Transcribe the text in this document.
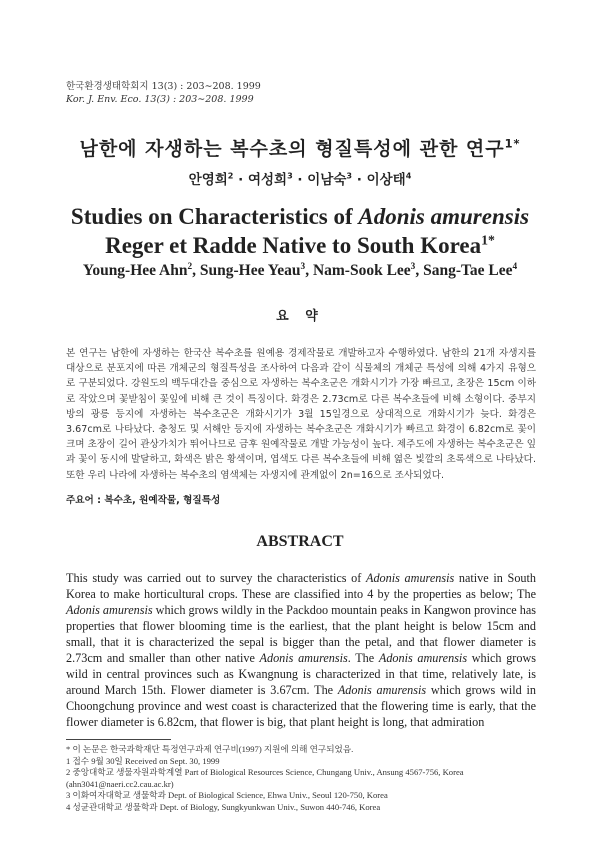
한국환경생태학회지 13(3) : 203∼208. 1999
Kor. J. Env. Eco. 13(3) : 203∼208. 1999
남한에 자생하는 복수초의 형질특성에 관한 연구$^{1*}$
안영희$^2$ · 여성희$^3$ · 이남숙$^3$ · 이상태$^4$
Studies on Characteristics of Adonis amurensis
Reger et Radde Native to South Korea$^{1*}$
Young-Hee Ahn$^2$, Sung-Hee Yeau$^3$, Nam-Sook Lee$^3$, Sang-Tae Lee$^4$
요 약
본 연구는 남한에 자생하는 한국산 복수초를 원예용 경제작물로 개발하고자 수행하였다. 남한의 21개 자생지를 대상으로 분포지에 따른 개체군의 형질특성을 조사하여 다음과 같이 식물체의 개체군 특성에 의해 4가지 유형으로 구분되었다. 강원도의 백두대간을 중심으로 자생하는 복수초군은 개화시기가 가장 빠르고, 초장은 15cm 이하로 작았으며 꽃받침이 꽃잎에 비해 큰 것이 특징이다. 화경은 2.73cm로 다른 복수초들에 비해 소형이다. 중부지방의 광릉 등지에 자생하는 복수초군은 개화시기가 3월 15일경으로 상대적으로 개화시기가 늦다. 화경은 3.67cm로 나타났다. 충청도 및 서해안 등지에 자생하는 복수초군은 개화시기가 빠르고 화경이 6.82cm로 꽃이 크며 초장이 길어 관상가치가 뛰어나므로 금후 원예작물로 개발 가능성이 높다. 제주도에 자생하는 복수초군은 잎과 꽃이 동시에 발달하고, 화색은 밝은 황색이며, 엽색도 다른 복수초들에 비해 엷은 빛깔의 초록색으로 나타났다. 또한 우리 나라에 자생하는 복수초의 염색체는 자생지에 관계없이 2n=16으로 조사되었다.
주요어 : 복수초, 원예작물, 형질특성
ABSTRACT
This study was carried out to survey the characteristics of Adonis amurensis native in South Korea to make horticultural crops. These are classified into 4 by the properties as below; The Adonis amurensis which grows wildly in the Packdoo mountain peaks in Kangwon province has properties that flower blooming time is the earliest, that the plant height is below 15cm and small, that it is characterized the sepal is bigger than the petal, and that flower diameter is 2.73cm and smaller than other native Adonis amurensis. The Adonis amurensis which grows wild in central provinces such as Kwangnung is characterized in that time, relatively late, is around March 15th. Flower diameter is 3.67cm. The Adonis amurensis which grows wild in Choongchung province and west coast is characterized that the flowering time is early, that the flower diameter is 6.82cm, that flower is big, that plant height is long, that admiration
* 이 논문은 한국과학재단 특정연구과제 연구비(1997) 지원에 의해 연구되었음.
1 접수 9월 30일 Received on Sept. 30, 1999
2 중앙대학교 생물자원과학계열 Part of Biological Resources Science, Chungang Univ., Ansung 4567-756, Korea
(ahn3041@naeri.cc2.cau.ac.kr)
3 이화여자대학교 생물학과 Dept. of Biological Science, Ehwa Univ., Seoul 120-750, Korea
4 성균관대학교 생물학과 Dept. of Biology, Sungkyunkwan Univ., Suwon 440-746, Korea
